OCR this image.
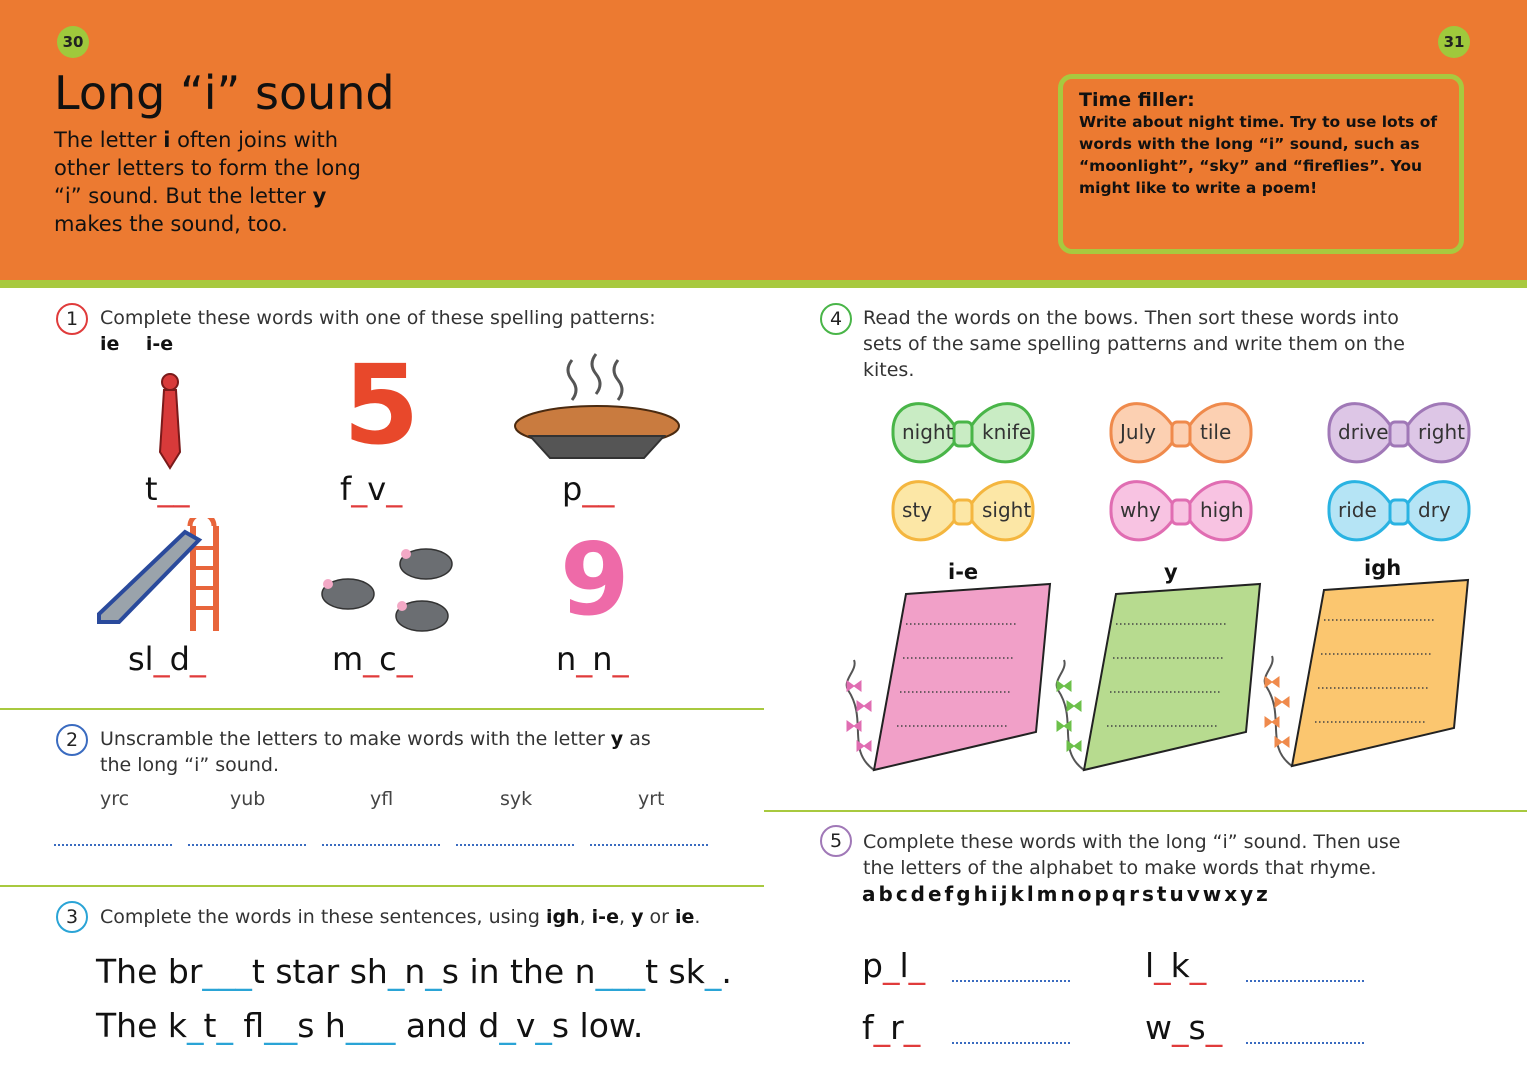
30	31
Long “i” sound
The letter i often joins with other letters to form the long “i” sound. But the letter y makes the sound, too.
Time filler:
Write about night time. Try to use lots of words with the long “i” sound, such as “moonlight”, “sky” and “fireflies”. You might like to write a poem!
1	Complete these words with one of these spelling patterns:
ie i-e 5
t__	f_v_	p__
9
sl_d_	m_c_	n_n_
2	Unscramble the letters to make words with the letter y as the long “i” sound.
yrc	yub	yfl	syk	yrt
3	Complete the words in these sentences, using igh, i-e, y or ie.
The br___t star sh_n_s in the n___t sk_.
The k_t_ fl__s h___ and d_v_s low.
4	Read the words on the bows. Then sort these words into sets of the same spelling patterns and write them on the kites.
night knife	July tile	drive right
sty sight	why high	ride dry
i-e	y	igh
5	Complete these words with the long “i” sound. Then use the letters of the alphabet to make words that rhyme.
abcdefghijklmnopqrstuvwxyz
p_l_	l_k_
f_r_	w_s_
